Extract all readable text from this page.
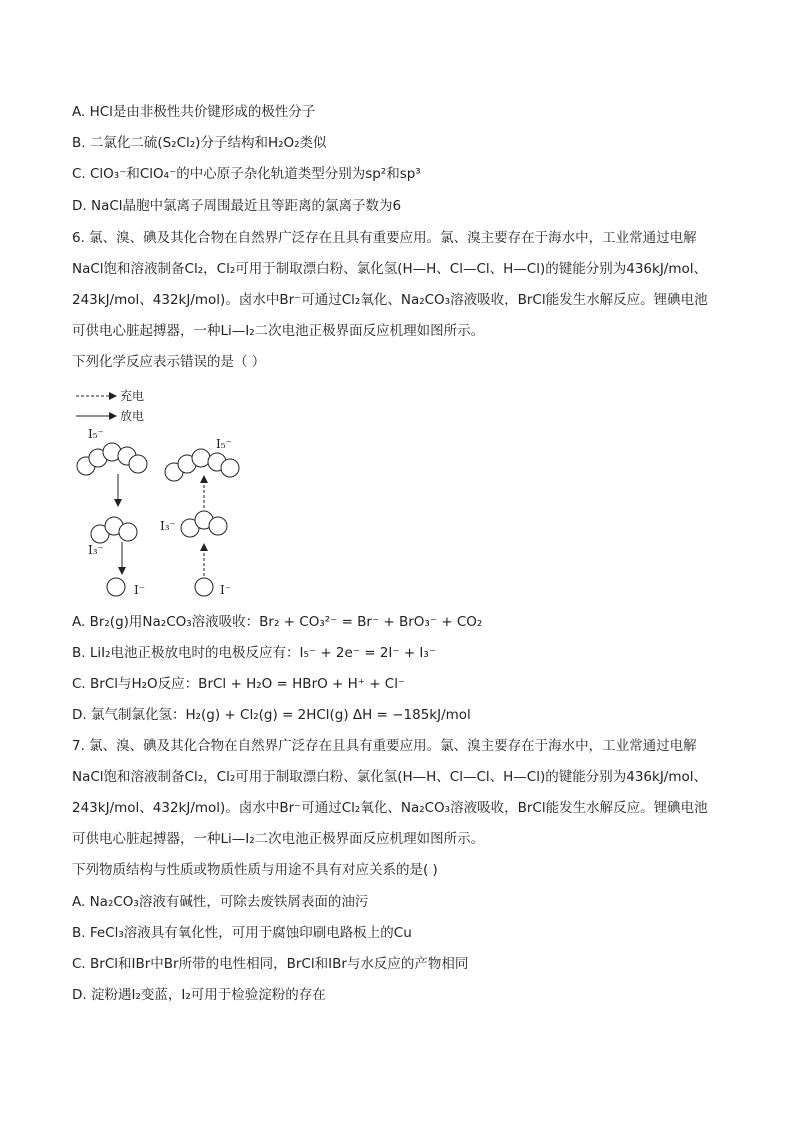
A. HCl是由非极性共价键形成的极性分子
B. 二氯化二硫(S₂Cl₂)分子结构和H₂O₂类似
C. ClO₃⁻和ClO₄⁻的中心原子杂化轨道类型分别为sp²和sp³
D. NaCl晶胞中氯离子周围最近且等距离的氯离子数为6
6. 氯、溴、碘及其化合物在自然界广泛存在且具有重要应用。氯、溴主要存在于海水中，工业常通过电解
NaCl饱和溶液制备Cl₂，Cl₂可用于制取漂白粉、氯化氢(H—H、Cl—Cl、H—Cl)的键能分别为436kJ/mol、
243kJ/mol、432kJ/mol)。卤水中Br⁻可通过Cl₂氧化、Na₂CO₃溶液吸收，BrCl能发生水解反应。锂碘电池
可供电心脏起搏器，一种Li—I₂二次电池正极界面反应机理如图所示。
下列化学反应表示错误的是（ ）
充电
放电
I₅⁻
I₃⁻
I⁻
I₅⁻
I₃⁻
I⁻
A. Br₂(g)用Na₂CO₃溶液吸收：Br₂ + CO₃²⁻ = Br⁻ + BrO₃⁻ + CO₂
B. LiI₂电池正极放电时的电极反应有：I₅⁻ + 2e⁻ = 2I⁻ + I₃⁻
C. BrCl与H₂O反应：BrCl + H₂O = HBrO + H⁺ + Cl⁻
D. 氯气制氯化氢：H₂(g) + Cl₂(g) = 2HCl(g) ΔH = −185kJ/mol
7. 氯、溴、碘及其化合物在自然界广泛存在且具有重要应用。氯、溴主要存在于海水中，工业常通过电解
NaCl饱和溶液制备Cl₂，Cl₂可用于制取漂白粉、氯化氢(H—H、Cl—Cl、H—Cl)的键能分别为436kJ/mol、
243kJ/mol、432kJ/mol)。卤水中Br⁻可通过Cl₂氧化、Na₂CO₃溶液吸收，BrCl能发生水解反应。锂碘电池
可供电心脏起搏器，一种Li—I₂二次电池正极界面反应机理如图所示。
下列物质结构与性质或物质性质与用途不具有对应关系的是( )
A. Na₂CO₃溶液有碱性，可除去废铁屑表面的油污
B. FeCl₃溶液具有氧化性，可用于腐蚀印刷电路板上的Cu
C. BrCl和IBr中Br所带的电性相同，BrCl和IBr与水反应的产物相同
D. 淀粉遇I₂变蓝，I₂可用于检验淀粉的存在
